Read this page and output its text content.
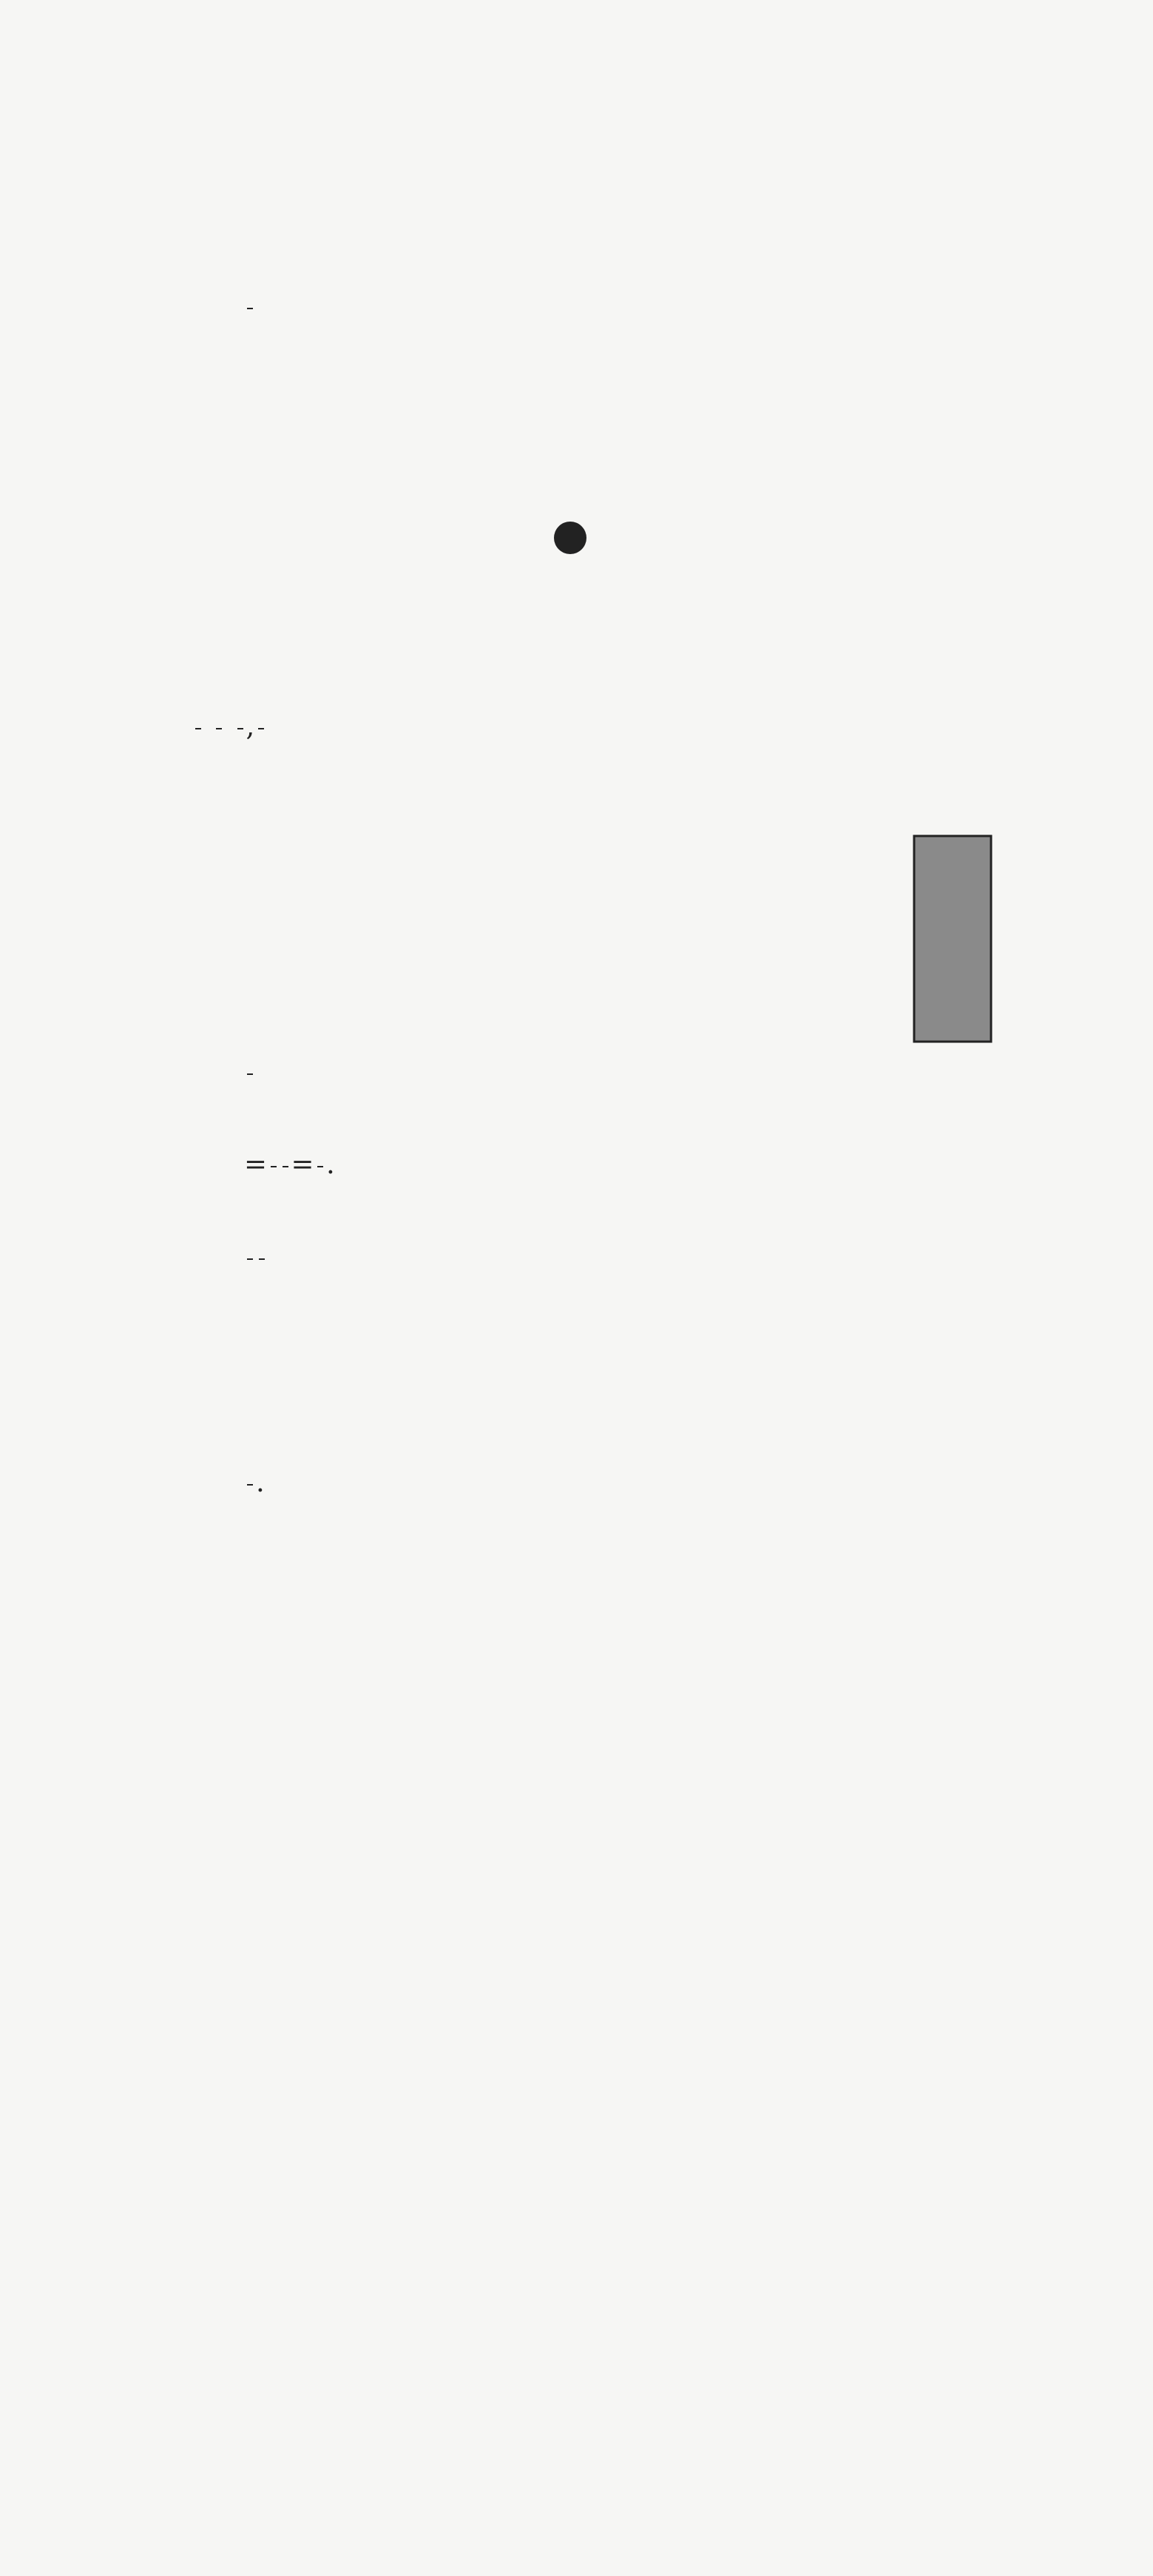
,
= = .
.
